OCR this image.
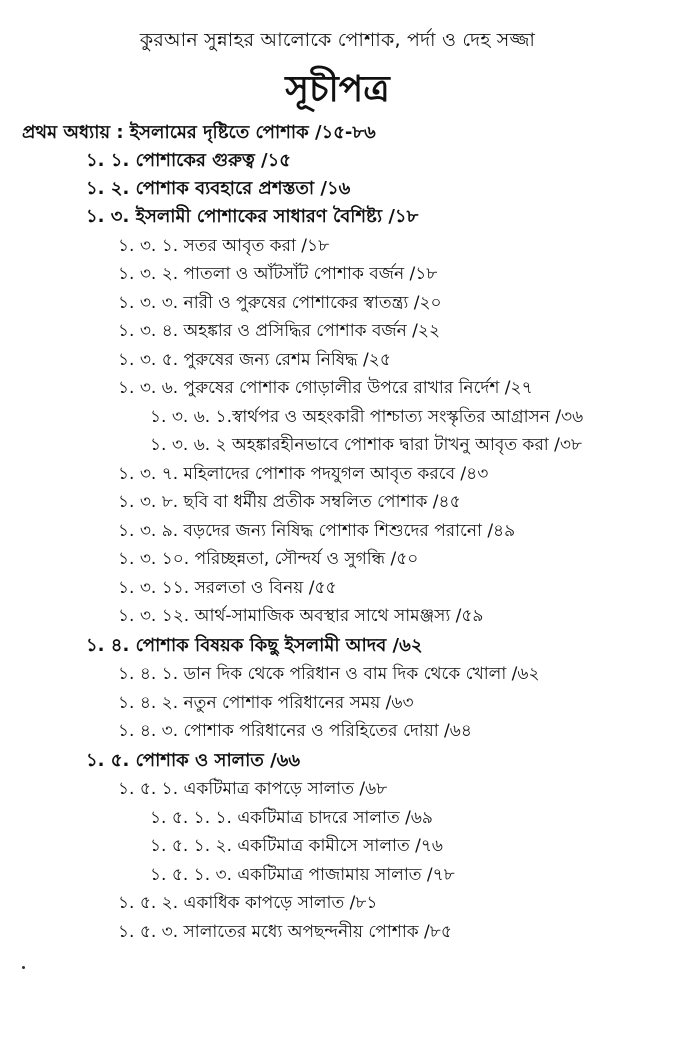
কুরআন সুন্নাহর আলোকে পোশাক, পর্দা ও দেহ সজ্জা
সূচীপত্র
প্রথম অধ্যায় : ইসলামের দৃষ্টিতে পোশাক /১৫-৮৬
১. ১. পোশাকের গুরুত্ব /১৫
১. ২. পোশাক ব্যবহারে প্রশস্ততা /১৬
১. ৩. ইসলামী পোশাকের সাধারণ বৈশিষ্ট্য /১৮
১. ৩. ১. সতর আবৃত করা /১৮
১. ৩. ২. পাতলা ও আঁটসাঁট পোশাক বর্জন /১৮
১. ৩. ৩. নারী ও পুরুষের পোশাকের স্বাতন্ত্র্য /২০
১. ৩. ৪. অহঙ্কার ও প্রসিদ্ধির পোশাক বর্জন /২২
১. ৩. ৫. পুরুষের জন্য রেশম নিষিদ্ধ /২৫
১. ৩. ৬. পুরুষের পোশাক গোড়ালীর উপরে রাখার নির্দেশ /২৭
১. ৩. ৬. ১.স্বার্থপর ও অহংকারী পাশ্চাত্য সংস্কৃতির আগ্রাসন /৩৬
১. ৩. ৬. ২ অহঙ্কারহীনভাবে পোশাক দ্বারা টাখনু আবৃত করা /৩৮
১. ৩. ৭. মহিলাদের পোশাক পদযুগল আবৃত করবে /৪৩
১. ৩. ৮. ছবি বা ধর্মীয় প্রতীক সম্বলিত পোশাক /৪৫
১. ৩. ৯. বড়দের জন্য নিষিদ্ধ পোশাক শিশুদের পরানো /৪৯
১. ৩. ১০. পরিচ্ছন্নতা, সৌন্দর্য ও সুগন্ধি /৫০
১. ৩. ১১. সরলতা ও বিনয় /৫৫
১. ৩. ১২. আর্থ-সামাজিক অবস্থার সাথে সামঞ্জস্য /৫৯
১. ৪. পোশাক বিষয়ক কিছু ইসলামী আদব /৬২
১. ৪. ১. ডান দিক থেকে পরিধান ও বাম দিক থেকে খোলা /৬২
১. ৪. ২. নতুন পোশাক পরিধানের সময় /৬৩
১. ৪. ৩. পোশাক পরিধানের ও পরিহিতের দোয়া /৬৪
১. ৫. পোশাক ও সালাত /৬৬
১. ৫. ১. একটিমাত্র কাপড়ে সালাত /৬৮
১. ৫. ১. ১. একটিমাত্র চাদরে সালাত /৬৯
১. ৫. ১. ২. একটিমাত্র কামীসে সালাত /৭৬
১. ৫. ১. ৩. একটিমাত্র পাজামায় সালাত /৭৮
১. ৫. ২. একাধিক কাপড়ে সালাত /৮১
১. ৫. ৩. সালাতের মধ্যে অপছন্দনীয় পোশাক /৮৫
